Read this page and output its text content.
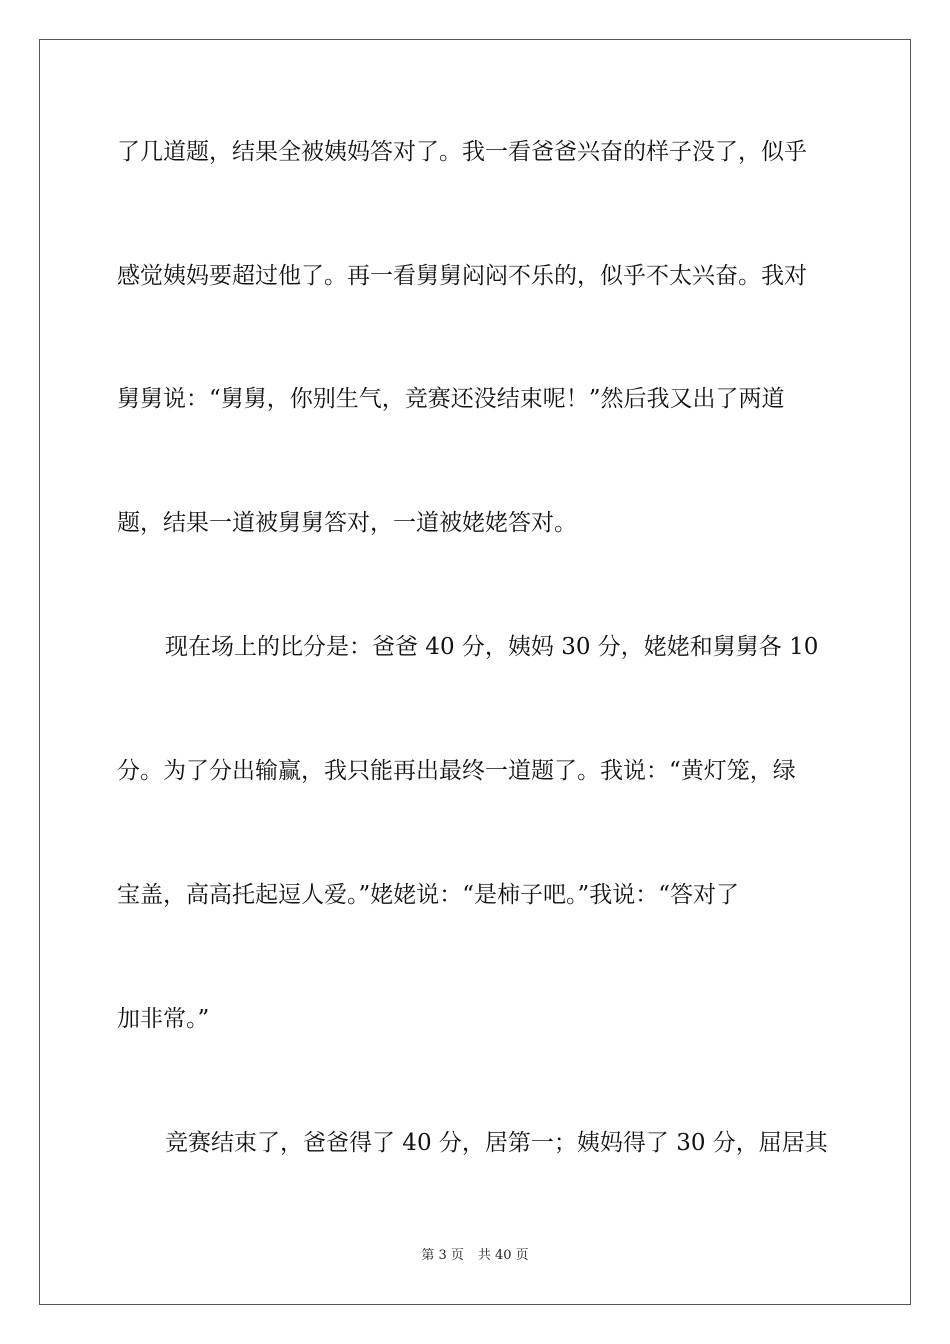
了几道题，结果全被姨妈答对了。我一看爸爸兴奋的样子没了，似乎
感觉姨妈要超过他了。再一看舅舅闷闷不乐的，似乎不太兴奋。我对
舅舅说：“舅舅，你别生气，竞赛还没结束呢！”然后我又出了两道
题，结果一道被舅舅答对，一道被姥姥答对。
现在场上的比分是：爸爸 40 分，姨妈 30 分，姥姥和舅舅各 10
分。为了分出输赢，我只能再出最终一道题了。我说：“黄灯笼，绿
宝盖，高高托起逗人爱。”姥姥说：“是柿子吧。”我说：“答对了
加非常。”
竞赛结束了，爸爸得了 40 分，居第一；姨妈得了 30 分，屈居其
第 3 页 共 40 页
